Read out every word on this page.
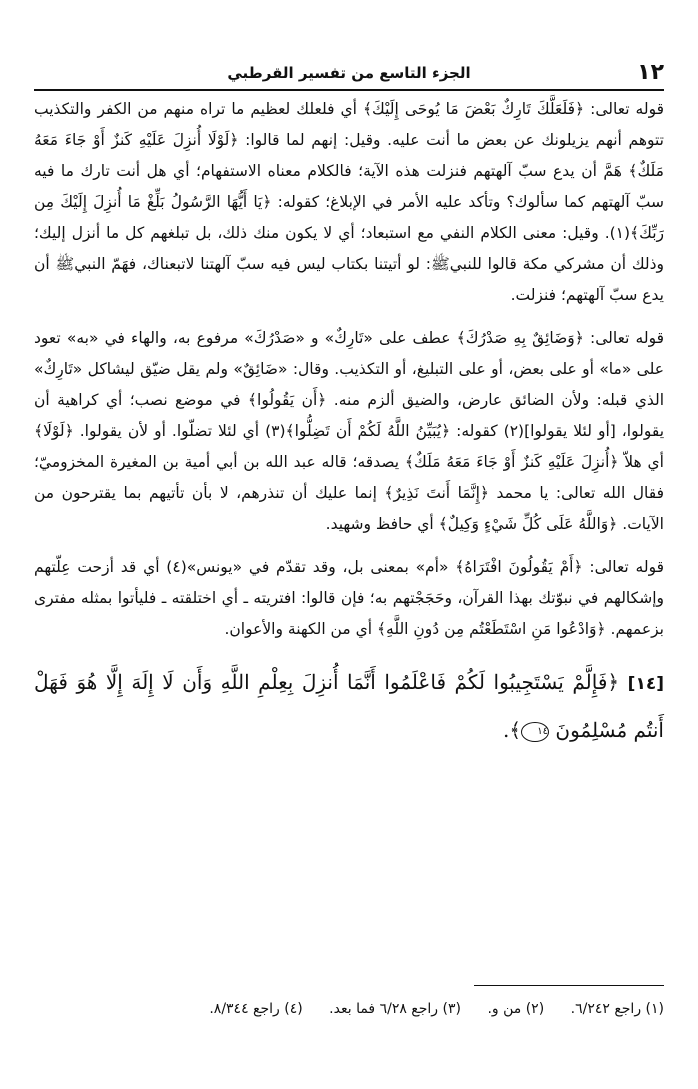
١٢
الجزء التاسع من تفسير القرطبي

قوله تعالى: ﴿فَلَعَلَّكَ تَارِكٌ بَعْضَ مَا يُوحَى إِلَيْكَ﴾ أي فلعلك لعظيم ما تراه منهم من الكفر والتكذيب تتوهم أنهم يزيلونك عن بعض ما أنت عليه. وقيل: إنهم لما قالوا: ﴿لَوْلَا أُنزِلَ عَلَيْهِ كَنزٌ أَوْ جَاءَ مَعَهُ مَلَكٌ﴾ هَمَّ أن يدع سبّ آلهتهم فنزلت هذه الآية؛ فالكلام معناه الاستفهام؛ أي هل أنت تارك ما فيه سبّ آلهتهم كما سألوك؟ وتأكد عليه الأمر في الإبلاغ؛ كقوله: ﴿يَا أَيُّهَا الرَّسُولُ بَلِّغْ مَا أُنزِلَ إِلَيْكَ مِن رَبِّكَ﴾(١). وقيل: معنى الكلام النفي مع استبعاد؛ أي لا يكون منك ذلك، بل تبلغهم كل ما أنزل إليك؛ وذلك أن مشركي مكة قالوا للنبيﷺ: لو أتيتنا بكتاب ليس فيه سبّ آلهتنا لاتبعناك، فهَمّ النبيﷺ أن يدع سبّ آلهتهم؛ فنزلت.

قوله تعالى: ﴿وَضَائِقٌ بِهِ صَدْرُكَ﴾ عطف على «تَارِكٌ» و «صَدْرُكَ» مرفوع به، والهاء في «به» تعود على «ما» أو على بعض، أو على التبليغ، أو التكذيب. وقال: «ضَائِقٌ» ولم يقل ضيّق ليشاكل «تَارِكٌ» الذي قبله: ولأن الضائق عارض، والضيق ألزم منه. ﴿أَن يَقُولُوا﴾ في موضع نصب؛ أي كراهية أن يقولوا، [أو لئلا يقولوا](٢) كقوله: ﴿يُبَيِّنُ اللَّهُ لَكُمْ أَن تَضِلُّوا﴾(٣) أي لئلا تضلّوا. أو لأن يقولوا. ﴿لَوْلَا﴾ أي هلاّ ﴿أُنزِلَ عَلَيْهِ كَنزٌ أَوْ جَاءَ مَعَهُ مَلَكٌ﴾ يصدقه؛ قاله عبد الله بن أبي أمية بن المغيرة المخزوميّ؛ فقال الله تعالى: يا محمد ﴿إِنَّمَا أَنتَ نَذِيرٌ﴾ إنما عليك أن تنذرهم، لا بأن تأتيهم بما يقترحون من الآيات. ﴿وَاللَّهُ عَلَى كُلِّ شَيْءٍ وَكِيلٌ﴾ أي حافظ وشهيد.

قوله تعالى: ﴿أَمْ يَقُولُونَ افْتَرَاهُ﴾ «أم» بمعنى بل، وقد تقدّم في «يونس»(٤) أي قد أزحت عِلّتهم وإشكالهم في نبوّتك بهذا القرآن، وحَجَجْتهم به؛ فإن قالوا: افتريته ـ أي اختلقته ـ فليأتوا بمثله مفترى بزعمهم. ﴿وَادْعُوا مَنِ اسْتَطَعْتُم مِن دُونِ اللَّهِ﴾ أي من الكهنة والأعوان.

[١٤] ﴿فَإِلَّمْ يَسْتَجِيبُوا لَكُمْ فَاعْلَمُوا أَنَّمَا أُنزِلَ بِعِلْمِ اللَّهِ وَأَن لَا إِلَهَ إِلَّا هُوَ فَهَلْ أَنتُم مُسْلِمُونَ ١٤﴾.

(١) راجع ٦/٢٤٢. (٢) من و. (٣) راجع ٦/٢٨ فما بعد. (٤) راجع ٨/٣٤٤.
